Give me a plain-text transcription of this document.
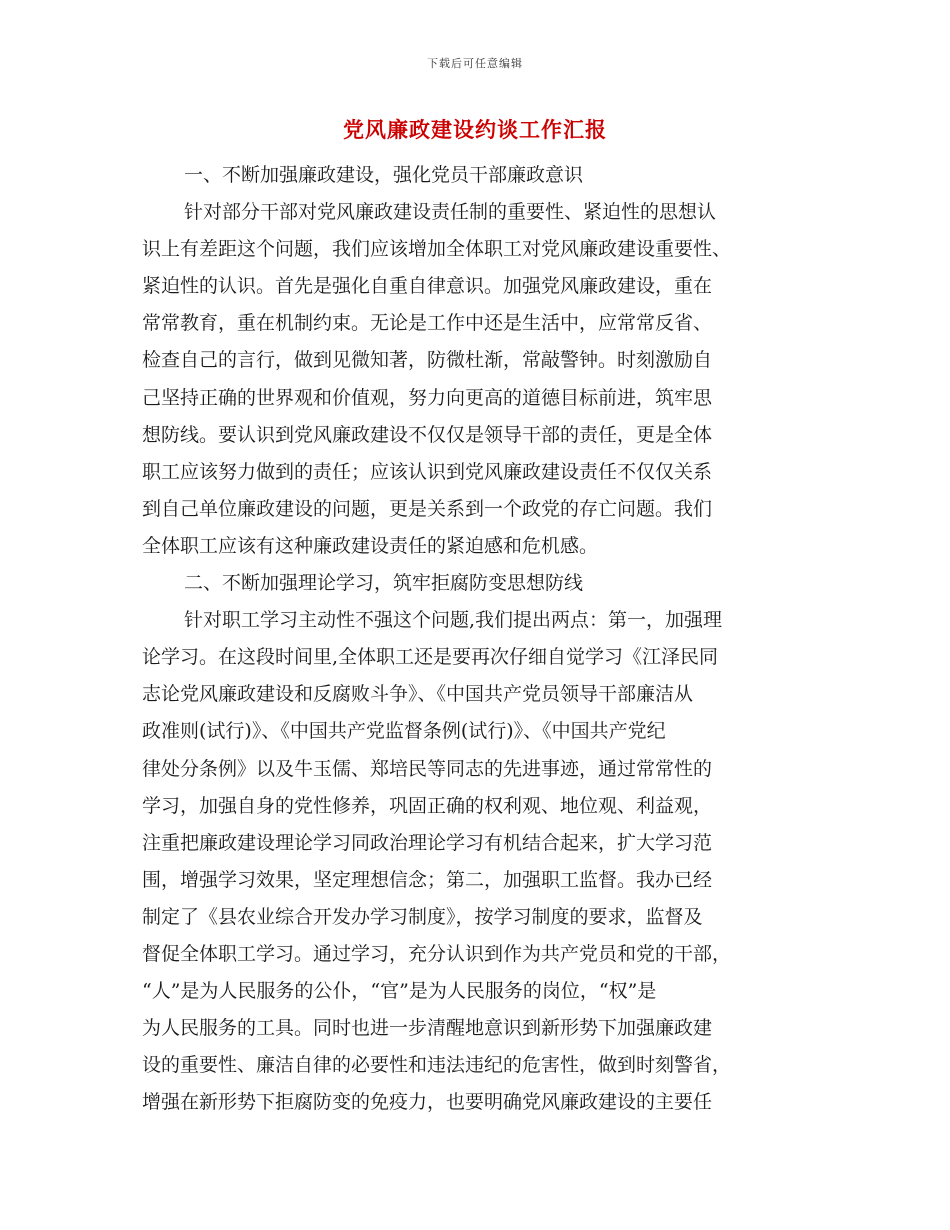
下载后可任意编辑
党风廉政建设约谈工作汇报
一、不断加强廉政建设，强化党员干部廉政意识
针对部分干部对党风廉政建设责任制的重要性、紧迫性的思想认
识上有差距这个问题，我们应该增加全体职工对党风廉政建设重要性、
紧迫性的认识。首先是强化自重自律意识。加强党风廉政建设，重在
常常教育，重在机制约束。无论是工作中还是生活中，应常常反省、
检查自己的言行，做到见微知著，防微杜渐，常敲警钟。时刻激励自
己坚持正确的世界观和价值观，努力向更高的道德目标前进，筑牢思
想防线。要认识到党风廉政建设不仅仅是领导干部的责任，更是全体
职工应该努力做到的责任；应该认识到党风廉政建设责任不仅仅关系
到自己单位廉政建设的问题，更是关系到一个政党的存亡问题。我们
全体职工应该有这种廉政建设责任的紧迫感和危机感。
二、不断加强理论学习，筑牢拒腐防变思想防线
针对职工学习主动性不强这个问题,我们提出两点：第一，加强理
论学习。在这段时间里,全体职工还是要再次仔细自觉学习《江泽民同
志论党风廉政建设和反腐败斗争》、《中国共产党员领导干部廉洁从
政准则(试行)》、《中国共产党监督条例(试行)》、《中国共产党纪
律处分条例》以及牛玉儒、郑培民等同志的先进事迹，通过常常性的
学习，加强自身的党性修养，巩固正确的权利观、地位观、利益观，
注重把廉政建设理论学习同政治理论学习有机结合起来，扩大学习范
围，增强学习效果，坚定理想信念；第二，加强职工监督。我办已经
制定了《县农业综合开发办学习制度》，按学习制度的要求，监督及
督促全体职工学习。通过学习，充分认识到作为共产党员和党的干部，
“人”是为人民服务的公仆，“官”是为人民服务的岗位，“权”是
为人民服务的工具。同时也进一步清醒地意识到新形势下加强廉政建
设的重要性、廉洁自律的必要性和违法违纪的危害性，做到时刻警省，
增强在新形势下拒腐防变的免疫力，也要明确党风廉政建设的主要任
